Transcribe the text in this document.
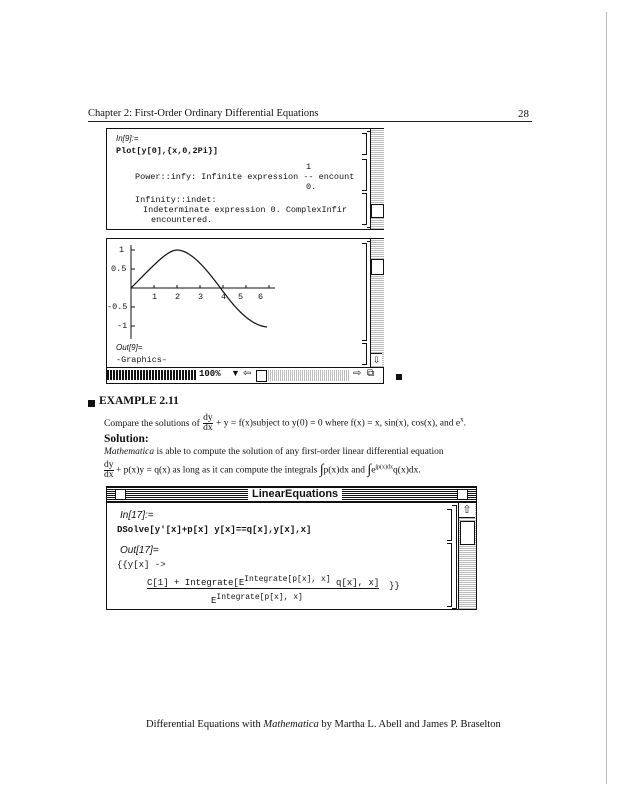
Chapter 2: First-Order Ordinary Differential Equations	28
In[9]:=
Plot[y[0],{x,0,2Pi}]
1
Power::infy: Infinite expression -- encount
0.
Infinity::indet:
Indeterminate expression 0. ComplexInfir
encountered.
1
0.5
-0.5
-1
1 2 3 4 5 6
Out[9]=
-Graphics-	⇩
100% ▼ ⇦	⇨ ⧉
EXAMPLE 2.11
Compare the solutions of $\frac{dy}{dx} + y$ = f(x)subject to y(0) = 0 where f(x) = x, sin(x), cos(x), and $e^x$.
Solution:
Mathematica is able to compute the solution of any first-order linear differential equation
$\frac{dy}{dx} + p(x)y = q(x)$ as long as it can compute the integrals ∫p(x)dx and $\int e^{\int p(x)dx}q(x)dx$.
LinearEquations
In[17]:=
DSolve[y'[x]+p[x] y[x]==q[x],y[x],x]
Out[17]=
{{y[x] ->
$C[1] + Integrate[E^{Integrate[p[x], x]}$ q[x], x] }}
$E^{Integrate[p[x], x]}$
⇧
Differential Equations with Mathematica by Martha L. Abell and James P. Braselton
